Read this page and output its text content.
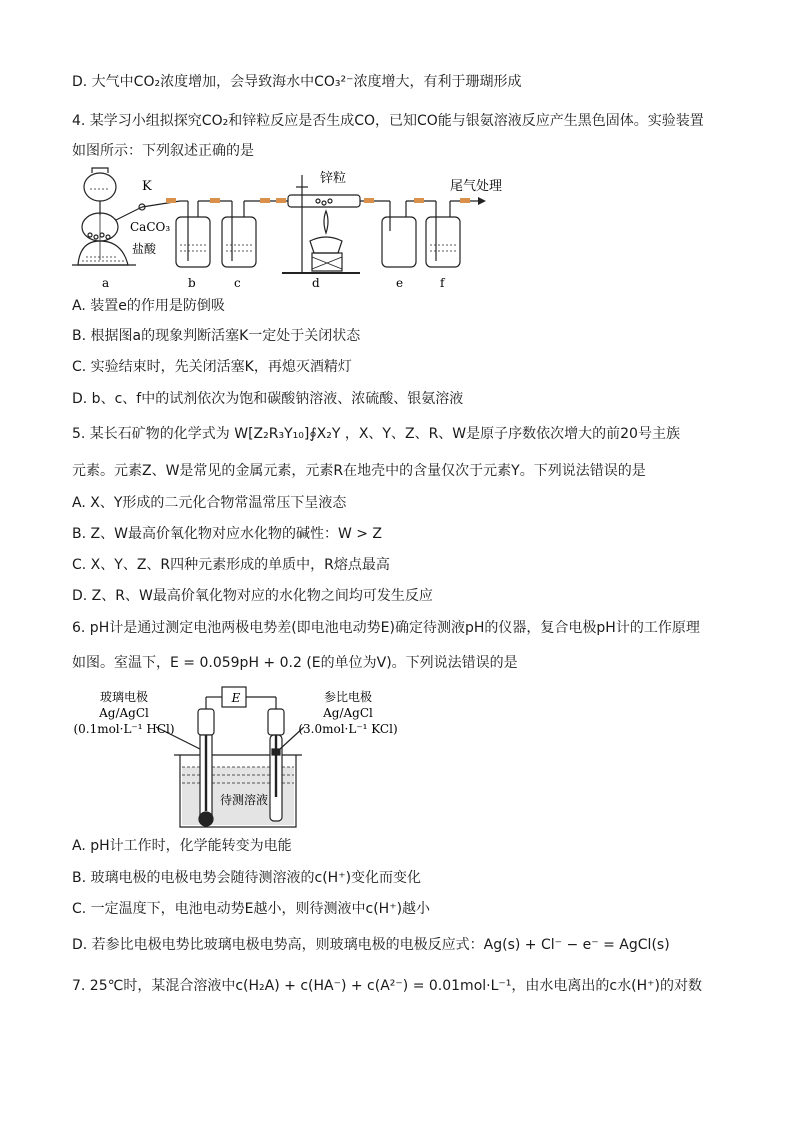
D. 大气中CO₂浓度增加，会导致海水中CO₃²⁻浓度增大，有利于珊瑚形成
4. 某学习小组拟探究CO₂和锌粒反应是否生成CO，已知CO能与银氨溶液反应产生黑色固体。实验装置
如图所示：下列叙述正确的是
K
CaCO₃
盐酸
锌粒
尾气处理
a	b	c	d	e	f
A. 装置e的作用是防倒吸
B. 根据图a的现象判断活塞K一定处于关闭状态
C. 实验结束时，先关闭活塞K，再熄灭酒精灯
D. b、c、f中的试剂依次为饱和碳酸钠溶液、浓硫酸、银氨溶液
5. 某长石矿物的化学式为 W[Z₂R₃Y₁₀]∮X₂Y ，X、Y、Z、R、W是原子序数依次增大的前20号主族
元素。元素Z、W是常见的金属元素，元素R在地壳中的含量仅次于元素Y。下列说法错误的是
A. X、Y形成的二元化合物常温常压下呈液态
B. Z、W最高价氧化物对应水化物的碱性：W > Z
C. X、Y、Z、R四种元素形成的单质中，R熔点最高
D. Z、R、W最高价氧化物对应的水化物之间均可发生反应
6. pH计是通过测定电池两极电势差(即电池电动势E)确定待测液pH的仪器，复合电极pH计的工作原理
如图。室温下，E = 0.059pH + 0.2 (E的单位为V)。下列说法错误的是
E
玻璃电极
Ag/AgCl
(0.1mol·L⁻¹ HCl)
参比电极
Ag/AgCl
(3.0mol·L⁻¹ KCl)
待测溶液
A. pH计工作时，化学能转变为电能
B. 玻璃电极的电极电势会随待测溶液的c(H⁺)变化而变化
C. 一定温度下，电池电动势E越小，则待测液中c(H⁺)越小
D. 若参比电极电势比玻璃电极电势高，则玻璃电极的电极反应式：Ag(s) + Cl⁻ − e⁻ = AgCl(s)
7. 25℃时，某混合溶液中c(H₂A) + c(HA⁻) + c(A²⁻) = 0.01mol·L⁻¹，由水电离出的c水(H⁺)的对数
